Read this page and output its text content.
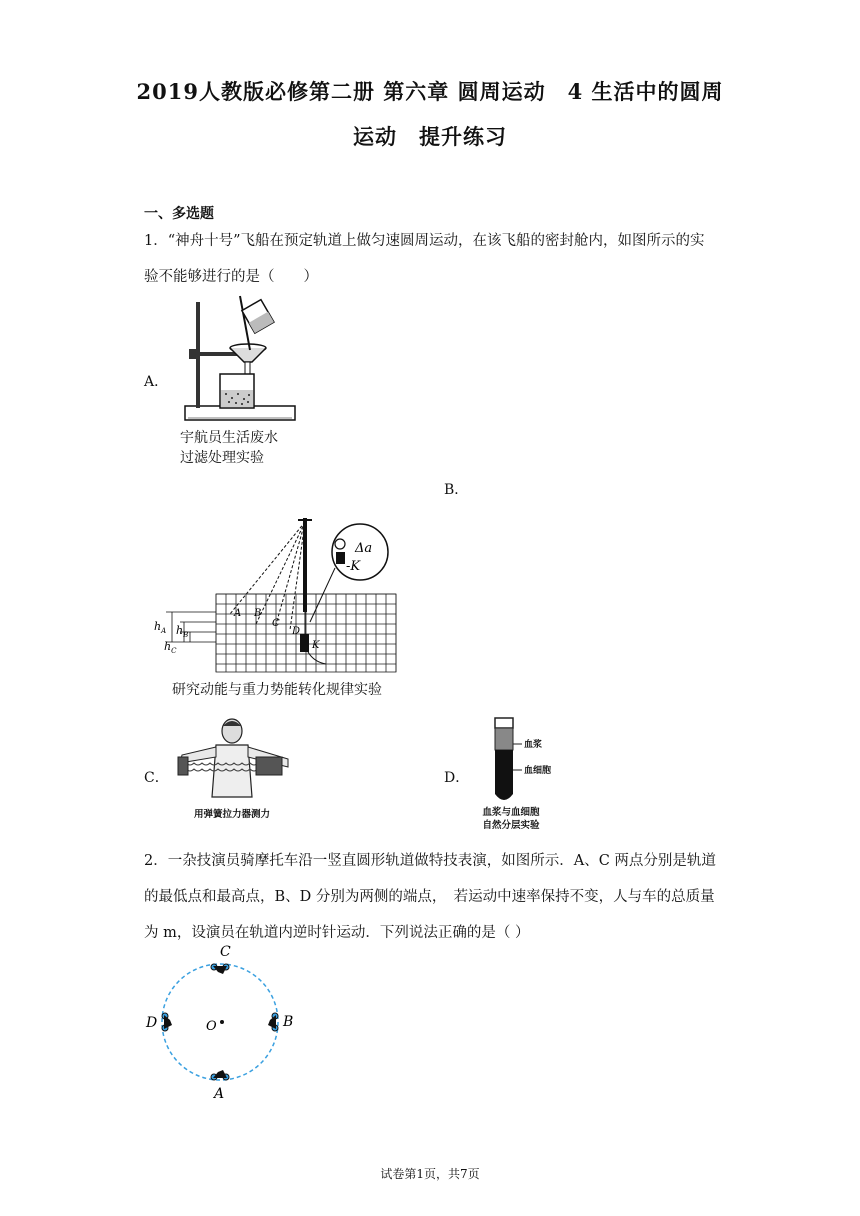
2019人教版必修第二册 第六章 圆周运动　4 生活中的圆周
运动　提升练习
一、多选题
1．“神舟十号”飞船在预定轨道上做匀速圆周运动，在该飞船的密封舱内，如图所示的实验不能够进行的是（　　）
A．
宇航员生活废水
过滤处理实验
B．
Δa
-K
A B
C
D
K
$h_A$ $h_B$
$h_C$
研究动能与重力势能转化规律实验
C．
用弹簧拉力器测力
D．
血浆
血细胞
血浆与血细胞
自然分层实验
2．一杂技演员骑摩托车沿一竖直圆形轨道做特技表演，如图所示．A、C 两点分别是轨道的最低点和最高点，B、D 分别为两侧的端点，　若运动中速率保持不变，人与车的总质量为 m，设演员在轨道内逆时针运动．下列说法正确的是（ ）
O
C
A
D	B
试卷第1页，共7页
